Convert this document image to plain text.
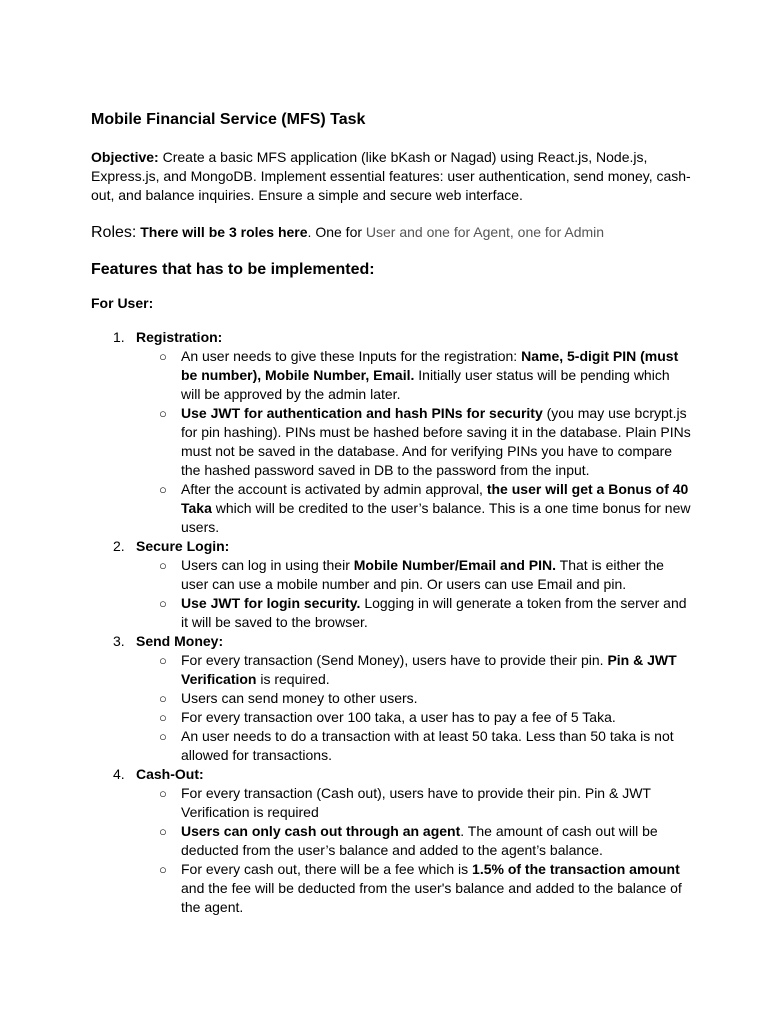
Mobile Financial Service (MFS) Task

Objective: Create a basic MFS application (like bKash or Nagad) using React.js, Node.js, Express.js, and MongoDB. Implement essential features: user authentication, send money, cash-out, and balance inquiries. Ensure a simple and secure web interface.

Roles: There will be 3 roles here. One for User and one for Agent, one for Admin

Features that has to be implemented:

For User:

1. Registration:
○ An user needs to give these Inputs for the registration: Name, 5-digit PIN (must be number), Mobile Number, Email. Initially user status will be pending which will be approved by the admin later.
○ Use JWT for authentication and hash PINs for security (you may use bcrypt.js for pin hashing). PINs must be hashed before saving it in the database. Plain PINs must not be saved in the database. And for verifying PINs you have to compare the hashed password saved in DB to the password from the input.
○ After the account is activated by admin approval, the user will get a Bonus of 40 Taka which will be credited to the user’s balance. This is a one time bonus for new users.
2. Secure Login:
○ Users can log in using their Mobile Number/Email and PIN. That is either the user can use a mobile number and pin. Or users can use Email and pin.
○ Use JWT for login security. Logging in will generate a token from the server and it will be saved to the browser.
3. Send Money:
○ For every transaction (Send Money), users have to provide their pin. Pin & JWT Verification is required.
○ Users can send money to other users.
○ For every transaction over 100 taka, a user has to pay a fee of 5 Taka.
○ An user needs to do a transaction with at least 50 taka. Less than 50 taka is not allowed for transactions.
4. Cash-Out:
○ For every transaction (Cash out), users have to provide their pin. Pin & JWT Verification is required
○ Users can only cash out through an agent. The amount of cash out will be deducted from the user’s balance and added to the agent’s balance.
○ For every cash out, there will be a fee which is 1.5% of the transaction amount and the fee will be deducted from the user's balance and added to the balance of the agent.
